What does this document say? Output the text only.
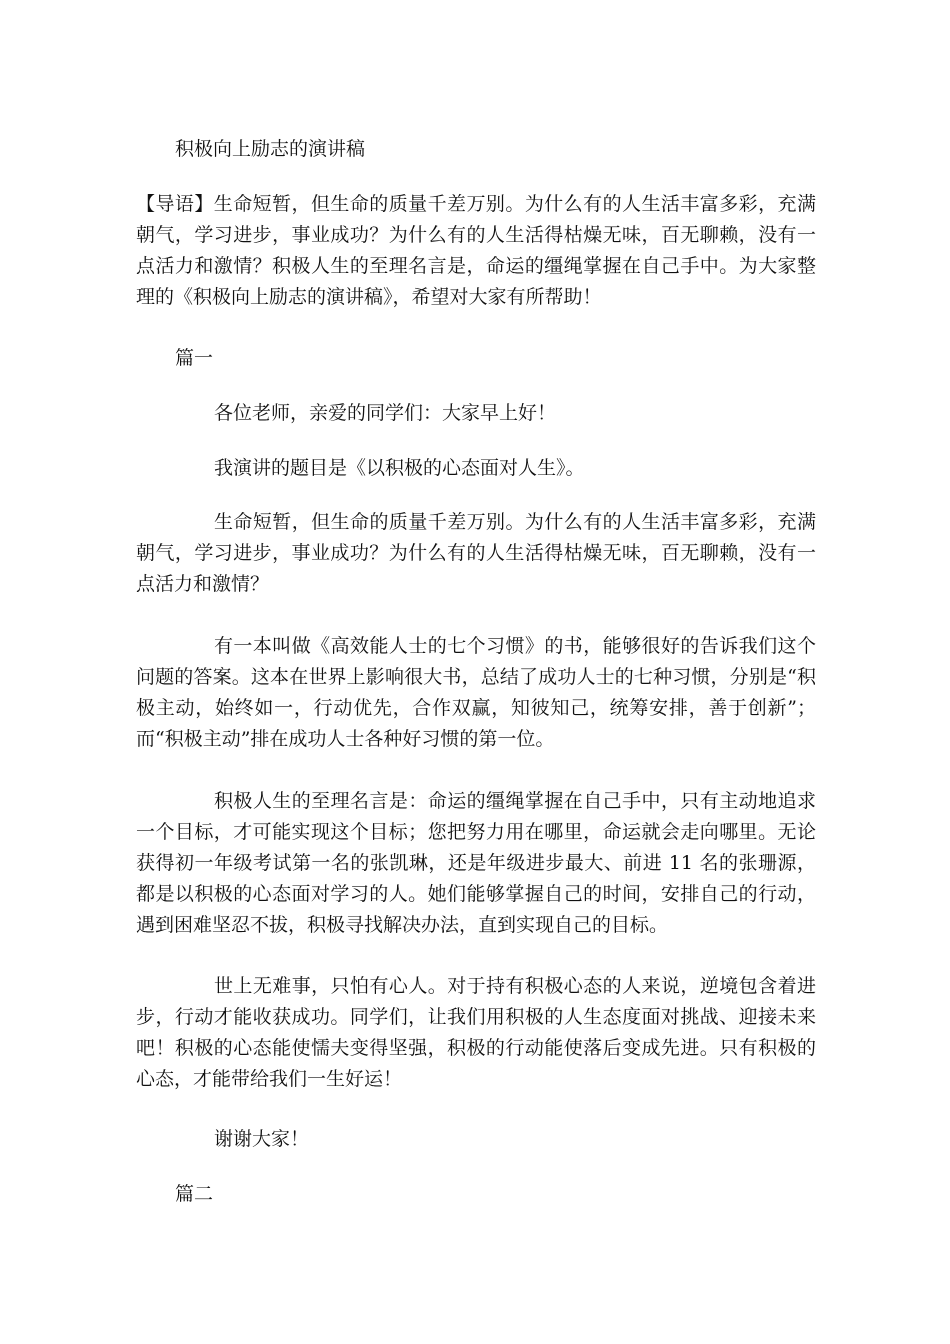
积极向上励志的演讲稿

【导语】生命短暂，但生命的质量千差万别。为什么有的人生活丰富多彩，充满朝气，学习进步，事业成功？为什么有的人生活得枯燥无味，百无聊赖，没有一点活力和激情？积极人生的至理名言是，命运的缰绳掌握在自己手中。为大家整理的《积极向上励志的演讲稿》，希望对大家有所帮助！

篇一
各位老师，亲爱的同学们：大家早上好！
我演讲的题目是《以积极的心态面对人生》。

生命短暂，但生命的质量千差万别。为什么有的人生活丰富多彩，充满朝气，学习进步，事业成功？为什么有的人生活得枯燥无味，百无聊赖，没有一点活力和激情？

有一本叫做《高效能人士的七个习惯》的书，能够很好的告诉我们这个问题的答案。这本在世界上影响很大书，总结了成功人士的七种习惯，分别是“积极主动，始终如一，行动优先，合作双赢，知彼知己，统筹安排，善于创新”；而“积极主动”排在成功人士各种好习惯的第一位。

积极人生的至理名言是：命运的缰绳掌握在自己手中，只有主动地追求一个目标，才可能实现这个目标；您把努力用在哪里，命运就会走向哪里。无论获得初一年级考试第一名的张凯琳，还是年级进步最大、前进 11 名的张珊源，都是以积极的心态面对学习的人。她们能够掌握自己的时间，安排自己的行动，遇到困难坚忍不拔，积极寻找解决办法，直到实现自己的目标。

世上无难事，只怕有心人。对于持有积极心态的人来说，逆境包含着进步，行动才能收获成功。同学们，让我们用积极的人生态度面对挑战、迎接未来吧！积极的心态能使懦夫变得坚强，积极的行动能使落后变成先进。只有积极的心态，才能带给我们一生好运！

谢谢大家！
篇二
